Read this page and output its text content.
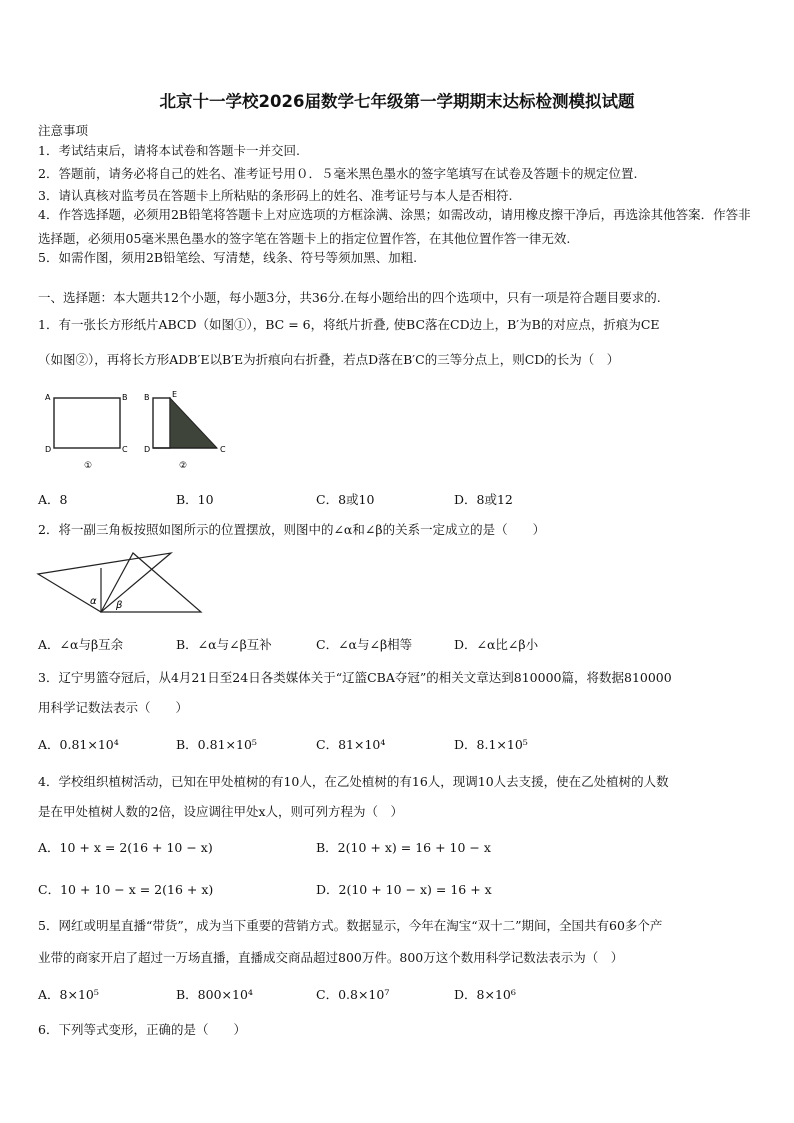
北京十一学校2026届数学七年级第一学期期末达标检测模拟试题
注意事项
1．考试结束后，请将本试卷和答题卡一并交回.
2．答题前，请务必将自己的姓名、准考证号用０．５毫米黑色墨水的签字笔填写在试卷及答题卡的规定位置.
3．请认真核对监考员在答题卡上所粘贴的条形码上的姓名、准考证号与本人是否相符.
4．作答选择题，必须用2B铅笔将答题卡上对应选项的方框涂满、涂黑；如需改动，请用橡皮擦干净后，再选涂其他答案．作答非选择题，必须用05毫米黑色墨水的签字笔在答题卡上的指定位置作答，在其他位置作答一律无效.
5．如需作图，须用2B铅笔绘、写清楚，线条、符号等须加黑、加粗.
一、选择题：本大题共12个小题，每小题3分，共36分.在每小题给出的四个选项中，只有一项是符合题目要求的.
1．有一张长方形纸片ABCD（如图①），BC = 6，将纸片折叠, 使BC落在CD边上，B′为B的对应点，折痕为CE
（如图②），再将长方形ADB′E以B′E为折痕向右折叠，若点D落在B′C的三等分点上，则CD的长为（　）
A	B
D	C
①
B	E
D	C
②
A．8	B．10	C．8或10	D．8或12
2．将一副三角板按照如图所示的位置摆放，则图中的∠α和∠β的关系一定成立的是（　　）
α β
A．∠α与β互余	B．∠α与∠β互补	C．∠α与∠β相等	D．∠α比∠β小
3．辽宁男篮夺冠后，从4月21日至24日各类媒体关于“辽篮CBA夺冠”的相关文章达到810000篇，将数据810000
用科学记数法表示（　　）
A．0.81×10⁴	B．0.81×10⁵	C．81×10⁴	D．8.1×10⁵
4．学校组织植树活动，已知在甲处植树的有10人，在乙处植树的有16人，现调10人去支援，使在乙处植树的人数
是在甲处植树人数的2倍，设应调往甲处x人，则可列方程为（　）
A．10 + x = 2(16 + 10 − x)	B．2(10 + x) = 16 + 10 − x
C．10 + 10 − x = 2(16 + x)	D．2(10 + 10 − x) = 16 + x
5．网红或明星直播“带货”，成为当下重要的营销方式。数据显示，今年在淘宝“双十二”期间，全国共有60多个产
业带的商家开启了超过一万场直播，直播成交商品超过800万件。800万这个数用科学记数法表示为（　）
A．8×10⁵	B．800×10⁴	C．0.8×10⁷	D．8×10⁶
6．下列等式变形，正确的是（　　）
